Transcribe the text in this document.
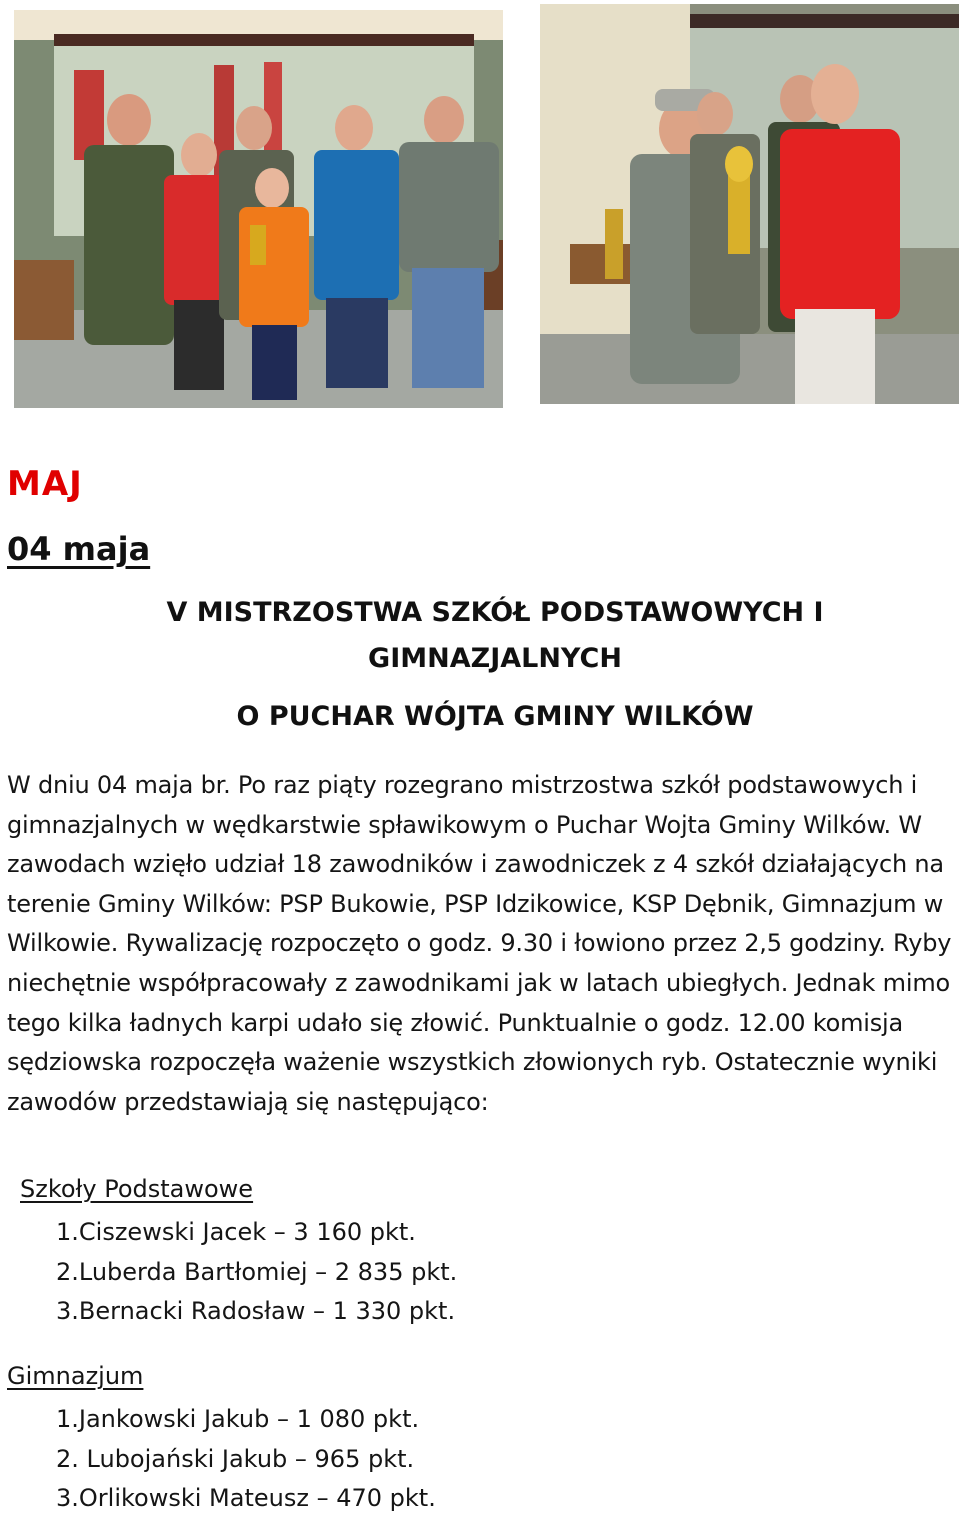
MAJ
04 maja
V MISTRZOSTWA SZKÓŁ PODSTAWOWYCH I GIMNAZJALNYCH
O PUCHAR WÓJTA GMINY WILKÓW
W dniu 04 maja br. Po raz piąty rozegrano mistrzostwa szkół podstawowych i gimnazjalnych w wędkarstwie spławikowym o Puchar Wojta Gminy Wilków. W zawodach wzięło udział 18 zawodników i zawodniczek z 4 szkół działających na terenie Gminy Wilków: PSP Bukowie, PSP Idzikowice, KSP Dębnik, Gimnazjum w Wilkowie. Rywalizację rozpoczęto o godz. 9.30 i łowiono przez 2,5 godziny. Ryby niechętnie współpracowały z zawodnikami jak w latach ubiegłych. Jednak mimo tego kilka ładnych karpi udało się złowić. Punktualnie o godz. 12.00 komisja sędziowska rozpoczęła ważenie wszystkich złowionych ryb. Ostatecznie wyniki zawodów przedstawiają się następująco:
Szkoły Podstawowe
1.Ciszewski Jacek – 3 160 pkt.
2.Luberda Bartłomiej – 2 835 pkt.
3.Bernacki Radosław – 1 330 pkt.
Gimnazjum
1.Jankowski Jakub – 1 080 pkt.
2. Lubojański Jakub – 965 pkt.
3.Orlikowski Mateusz – 470 pkt.
